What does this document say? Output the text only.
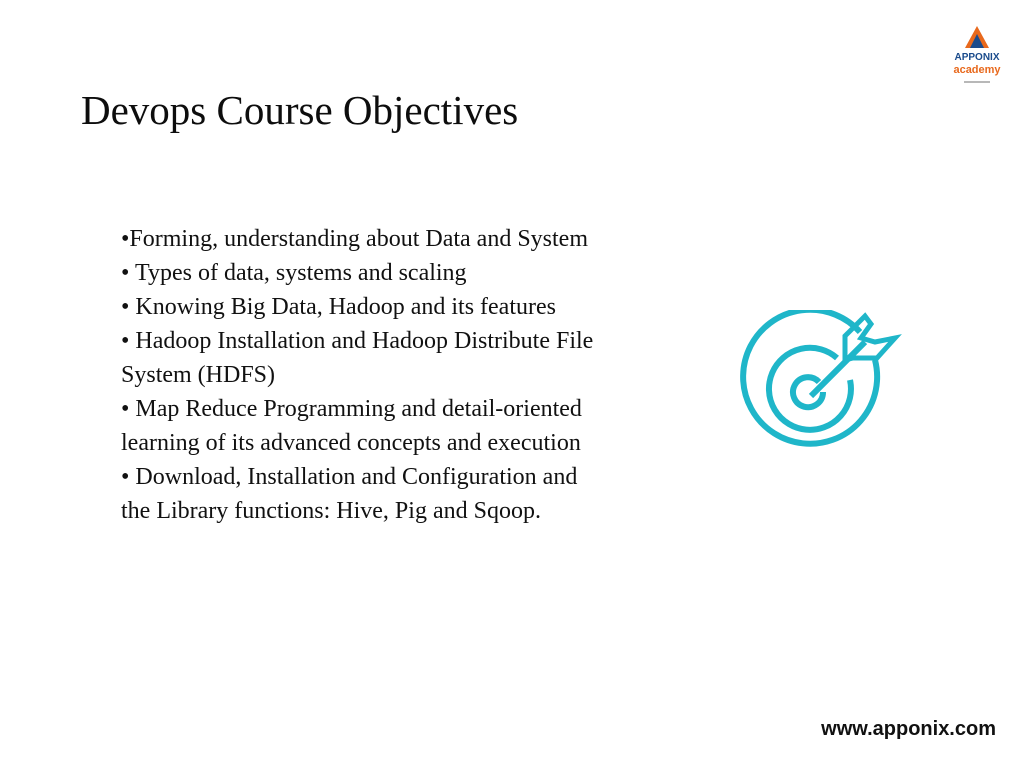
Devops Course Objectives
•Forming, understanding about Data and System
• Types of data, systems and scaling
• Knowing Big Data, Hadoop and its features
• Hadoop Installation and Hadoop Distribute File System (HDFS)
• Map Reduce Programming and detail-oriented learning of its advanced concepts and execution
• Download, Installation and Configuration and the Library functions: Hive, Pig and Sqoop.
APPONIX
academy

www.apponix.com
